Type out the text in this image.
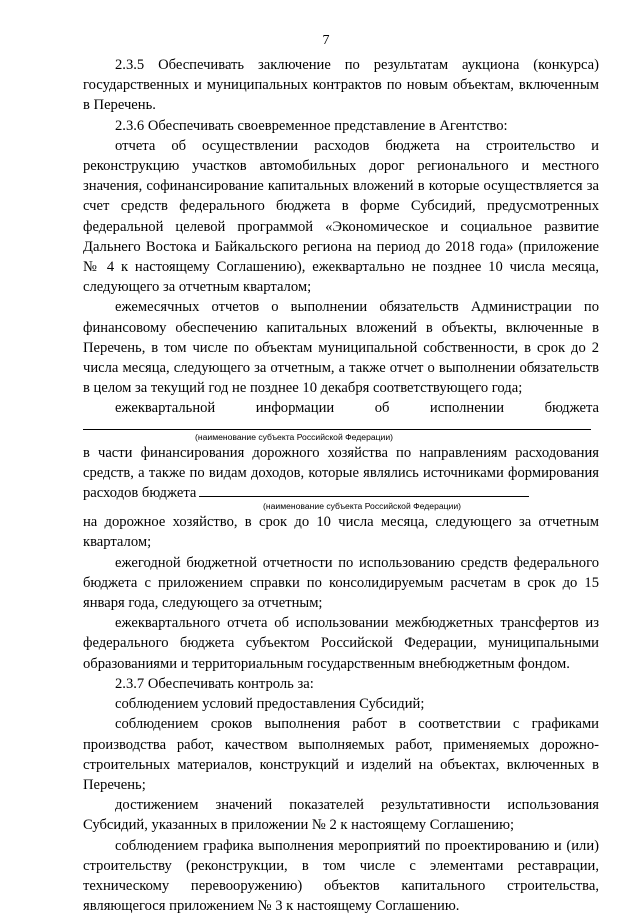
7

2.3.5 Обеспечивать заключение по результатам аукциона (конкурса) государственных и муниципальных контрактов по новым объектам, включенным в Перечень.

2.3.6 Обеспечивать своевременное представление в Агентство:

отчета об осуществлении расходов бюджета на строительство и реконструкцию участков автомобильных дорог регионального и местного значения, софинансирование капитальных вложений в которые осуществляется за счет средств федерального бюджета в форме Субсидий, предусмотренных федеральной целевой программой «Экономическое и социальное развитие Дальнего Востока и Байкальского региона на период до 2018 года» (приложение № 4 к настоящему Соглашению), ежеквартально не позднее 10 числа месяца, следующего за отчетным кварталом;

ежемесячных отчетов о выполнении обязательств Администрации по финансовому обеспечению капитальных вложений в объекты, включенные в Перечень, в том числе по объектам муниципальной собственности, в срок до 2 числа месяца, следующего за отчетным, а также отчет о выполнении обязательств в целом за текущий год не позднее 10 декабря соответствующего года;

ежеквартальной информации об исполнении бюджета

(наименование субъекта Российской Федерации)

в части финансирования дорожного хозяйства по направлениям расходования средств, а также по видам доходов, которые являлись источниками формирования расходов бюджета

(наименование субъекта Российской Федерации)

на дорожное хозяйство, в срок до 10 числа месяца, следующего за отчетным кварталом;

ежегодной бюджетной отчетности по использованию средств федерального бюджета с приложением справки по консолидируемым расчетам в срок до 15 января года, следующего за отчетным;

ежеквартального отчета об использовании межбюджетных трансфертов из федерального бюджета субъектом Российской Федерации, муниципальными образованиями и территориальным государственным внебюджетным фондом.

2.3.7 Обеспечивать контроль за:

соблюдением условий предоставления Субсидий;

соблюдением сроков выполнения работ в соответствии с графиками производства работ, качеством выполняемых работ, применяемых дорожно-строительных материалов, конструкций и изделий на объектах, включенных в Перечень;

достижением значений показателей результативности использования Субсидий, указанных в приложении № 2 к настоящему Соглашению;

соблюдением графика выполнения мероприятий по проектированию и (или) строительству (реконструкции, в том числе с элементами реставрации, техническому перевооружению) объектов капитального строительства, являющегося приложением № 3 к настоящему Соглашению.
